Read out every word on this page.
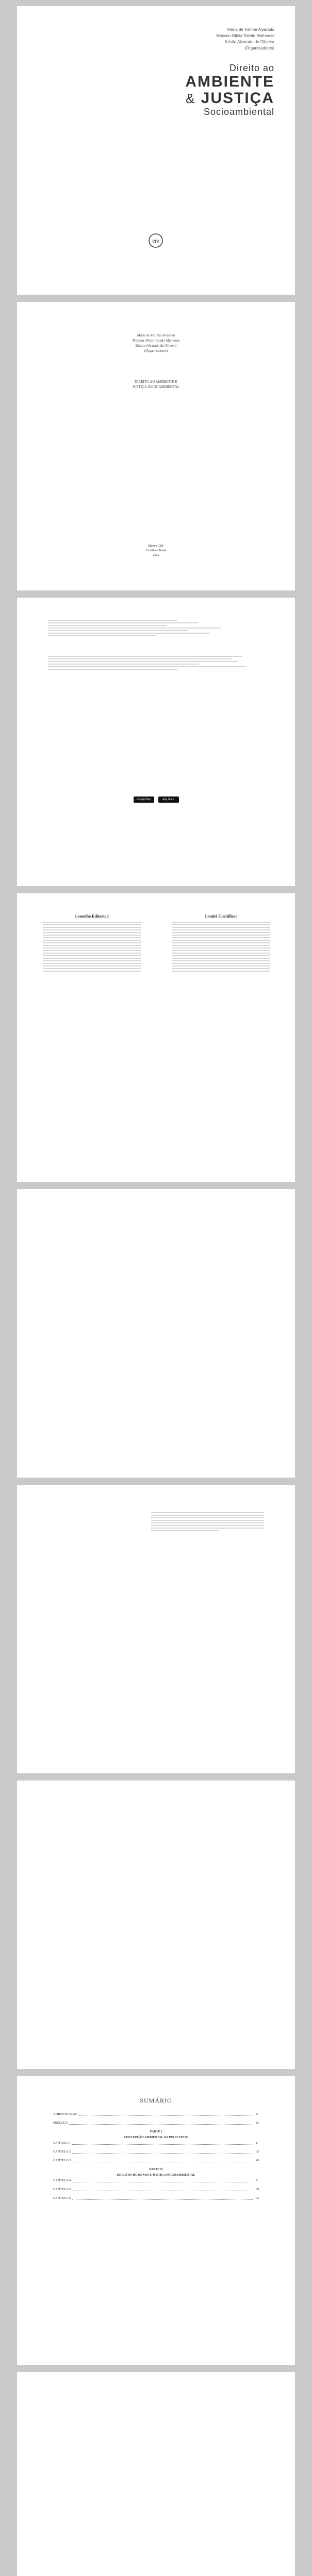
Maria de Fatima Alvarado
Mayson Olivio Toledo Matheuss
Kristie Alvarado de Oliveira
(Organizadores)
Direito ao
AMBIENTE
& JUSTIÇA
Socioambiental
crv
Maria de Fatima Alvarado
Mayson Olivio Toledo Matheuss
Kristie Alvarado de Oliveira
(Organizadores)
DIREITO AO AMBIENTE E
JUSTIÇA SOCIOAMBIENTAL
Editora CRV
Curitiba – Brasil
2021
Google Play	App Store
Conselho Editorial:	Comitê Científico:
SUMÁRIO
APRESENTAÇÃO	11
PRÓLOGO	13
PARTE I
CONCEPÇÃO AMBIENTAL NA POLICYDISE
CAPÍTULO 1	17
CAPÍTULO 2	33
CAPÍTULO 3	49
PARTE II
DIREITOS HUMANOS E JUSTIÇA SOCIOAMBIENTAL
CAPÍTULO 4	71
CAPÍTULO 5	89
CAPÍTULO 6	103
